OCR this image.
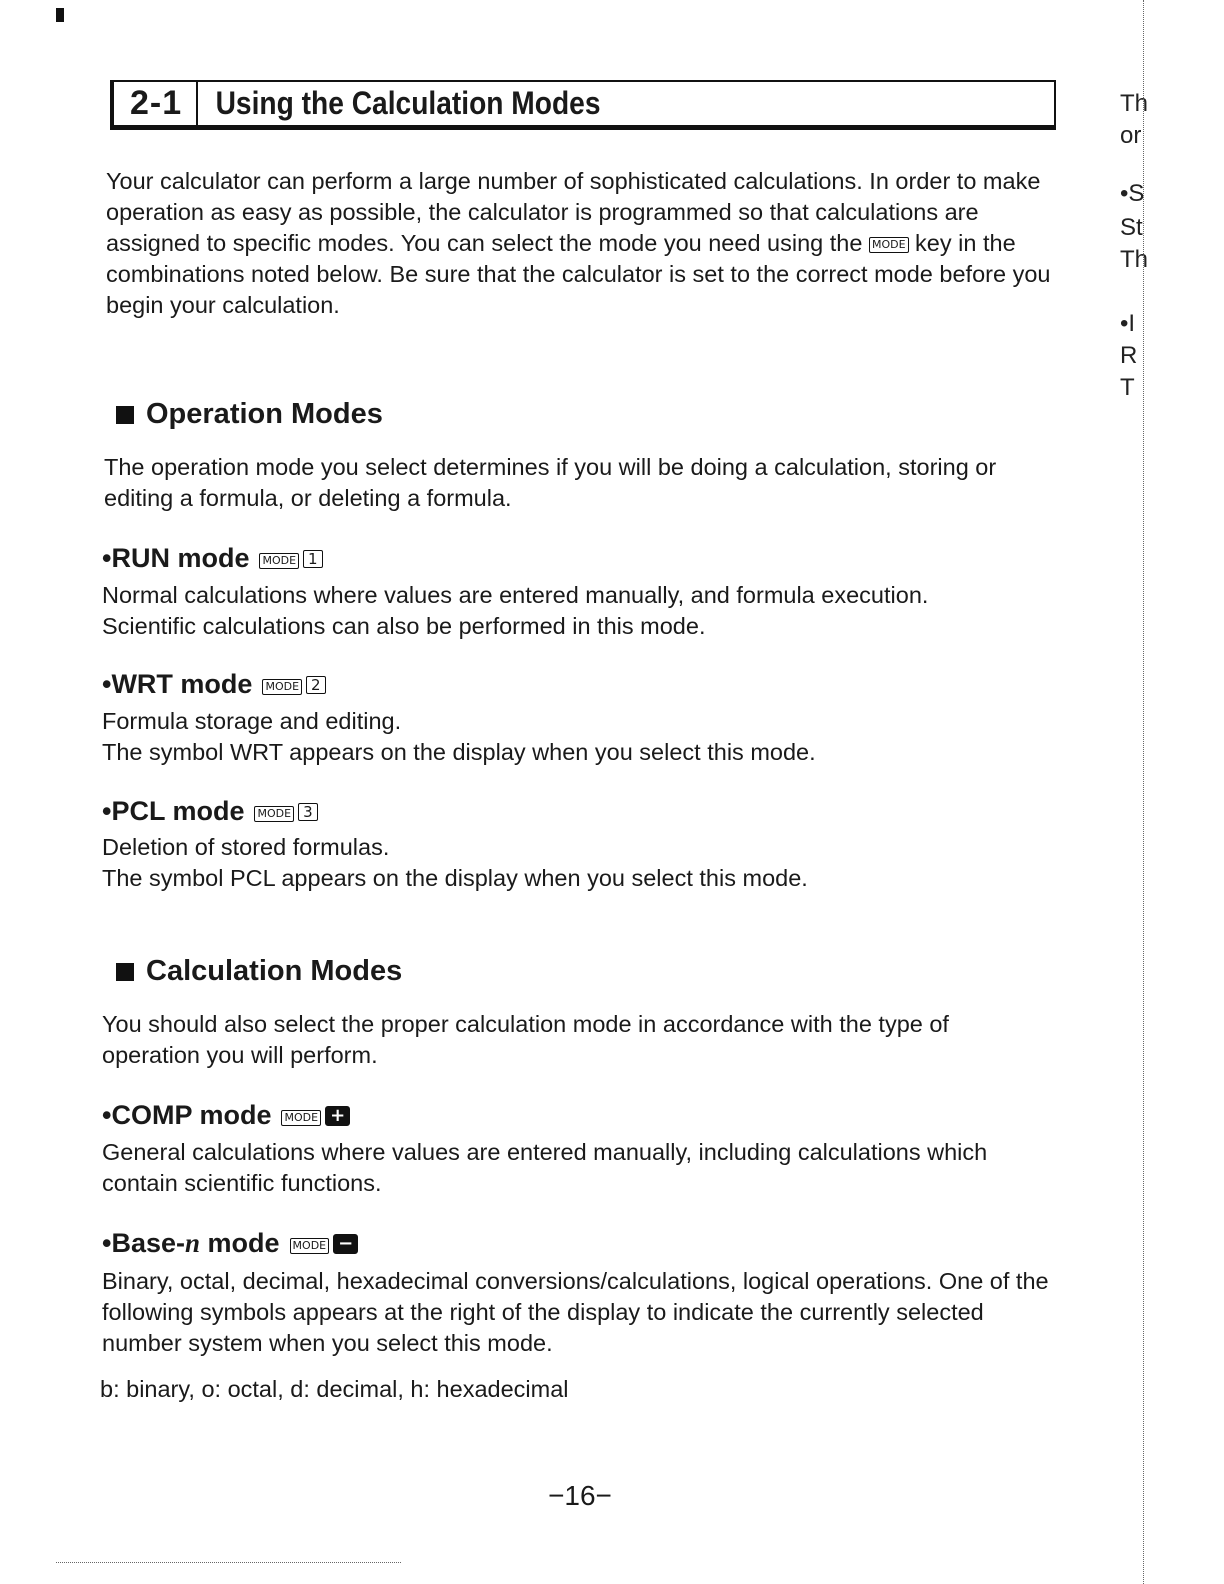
2-1	Using the Calculation Modes

Your calculator can perform a large number of sophisticated calculations. In order to make operation as easy as possible, the calculator is programmed so that calculations are assigned to specific modes. You can select the mode you need using the MODE key in the combinations noted below. Be sure that the calculator is set to the correct mode before you begin your calculation.

Operation Modes

The operation mode you select determines if you will be doing a calculation, storing or editing a formula, or deleting a formula.

•RUN mode MODE 1

Normal calculations where values are entered manually, and formula execution.

Scientific calculations can also be performed in this mode.

•WRT mode MODE 2

Formula storage and editing.

The symbol WRT appears on the display when you select this mode.

•PCL mode MODE 3

Deletion of stored formulas.

The symbol PCL appears on the display when you select this mode.

Calculation Modes

You should also select the proper calculation mode in accordance with the type of operation you will perform.

•COMP mode MODE +

General calculations where values are entered manually, including calculations which contain scientific functions.

•Base-n mode MODE −

Binary, octal, decimal, hexadecimal conversions/calculations, logical operations. One of the following symbols appears at the right of the display to indicate the currently selected number system when you select this mode.

b: binary, o: octal, d: decimal, h: hexadecimal

−16−
Th
or
•S
St
Th
•I
R
T
